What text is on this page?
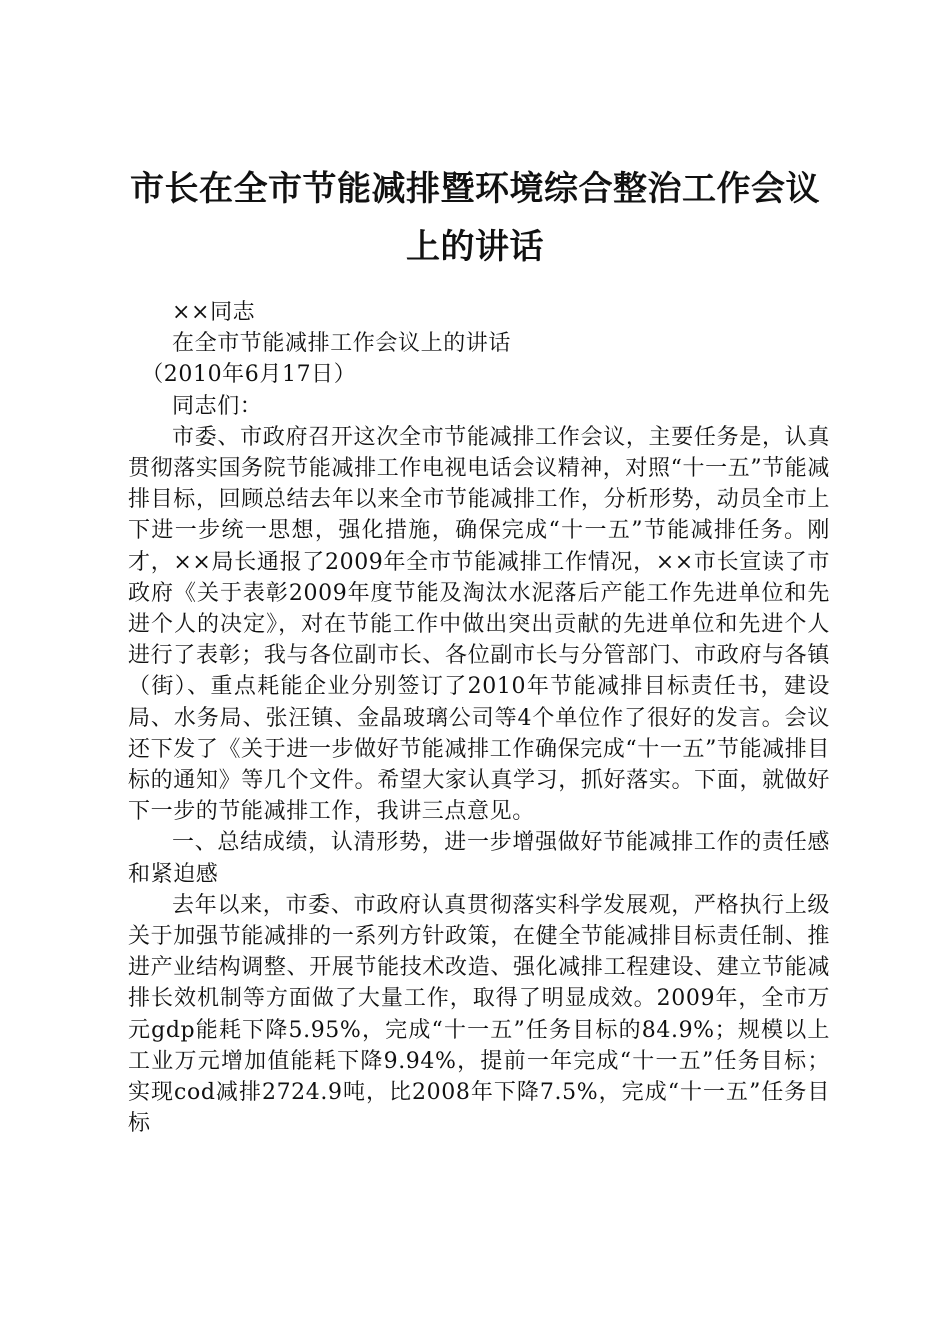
市长在全市节能减排暨环境综合整治工作会议
上的讲话

××同志

在全市节能减排工作会议上的讲话

（2010年6月17日）

同志们：

市委、市政府召开这次全市节能减排工作会议，主要任务是，认真贯彻落实国务院节能减排工作电视电话会议精神，对照“十一五”节能减排目标，回顾总结去年以来全市节能减排工作，分析形势，动员全市上下进一步统一思想，强化措施，确保完成“十一五”节能减排任务。刚才，××局长通报了2009年全市节能减排工作情况，××市长宣读了市政府《关于表彰2009年度节能及淘汰水泥落后产能工作先进单位和先进个人的决定》，对在节能工作中做出突出贡献的先进单位和先进个人进行了表彰；我与各位副市长、各位副市长与分管部门、市政府与各镇（街）、重点耗能企业分别签订了2010年节能减排目标责任书，建设局、水务局、张汪镇、金晶玻璃公司等4个单位作了很好的发言。会议还下发了《关于进一步做好节能减排工作确保完成“十一五”节能减排目标的通知》等几个文件。希望大家认真学习，抓好落实。下面，就做好下一步的节能减排工作，我讲三点意见。

一、总结成绩，认清形势，进一步增强做好节能减排工作的责任感和紧迫感

去年以来，市委、市政府认真贯彻落实科学发展观，严格执行上级关于加强节能减排的一系列方针政策，在健全节能减排目标责任制、推进产业结构调整、开展节能技术改造、强化减排工程建设、建立节能减排长效机制等方面做了大量工作，取得了明显成效。2009年，全市万元gdp能耗下降5.95%，完成“十一五”任务目标的84.9%；规模以上工业万元增加值能耗下降9.94%，提前一年完成“十一五”任务目标；实现cod减排2724.9吨，比2008年下降7.5%，完成“十一五”任务目标
